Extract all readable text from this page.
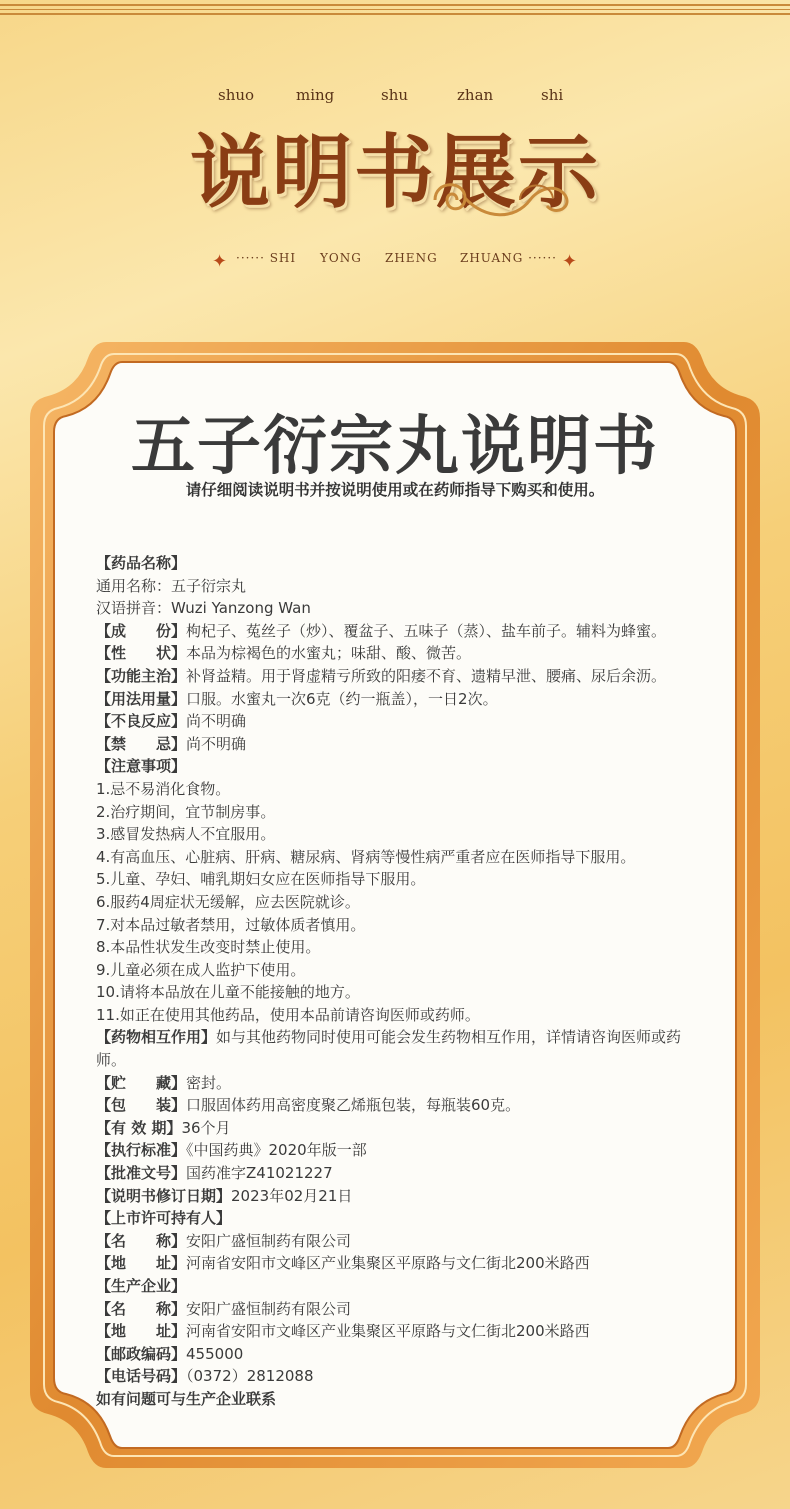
shuo	ming	shu	zhan	shi
说明书展示
✦ ······ SHI YONG ZHENG ZHUANG ······ ✦
五子衍宗丸说明书
请仔细阅读说明书并按说明使用或在药师指导下购买和使用。
【药品名称】
通用名称：五子衍宗丸
汉语拼音：Wuzi Yanzong Wan
【成　　份】枸杞子、菟丝子（炒）、覆盆子、五味子（蒸）、盐车前子。辅料为蜂蜜。
【性　　状】本品为棕褐色的水蜜丸；味甜、酸、微苦。
【功能主治】补肾益精。用于肾虚精亏所致的阳痿不育、遗精早泄、腰痛、尿后余沥。
【用法用量】口服。水蜜丸一次6克（约一瓶盖），一日2次。
【不良反应】尚不明确
【禁　　忌】尚不明确
【注意事项】
1.忌不易消化食物。
2.治疗期间，宜节制房事。
3.感冒发热病人不宜服用。
4.有高血压、心脏病、肝病、糖尿病、肾病等慢性病严重者应在医师指导下服用。
5.儿童、孕妇、哺乳期妇女应在医师指导下服用。
6.服药4周症状无缓解，应去医院就诊。
7.对本品过敏者禁用，过敏体质者慎用。
8.本品性状发生改变时禁止使用。
9.儿童必须在成人监护下使用。
10.请将本品放在儿童不能接触的地方。
11.如正在使用其他药品，使用本品前请咨询医师或药师。
【药物相互作用】如与其他药物同时使用可能会发生药物相互作用，详情请咨询医师或药师。
【贮　　藏】密封。
【包　　装】口服固体药用高密度聚乙烯瓶包装，每瓶装60克。
【有 效 期】36个月
【执行标准】《中国药典》2020年版一部
【批准文号】国药准字Z41021227
【说明书修订日期】2023年02月21日
【上市许可持有人】
【名　　称】安阳广盛恒制药有限公司
【地　　址】河南省安阳市文峰区产业集聚区平原路与文仁街北200米路西
【生产企业】
【名　　称】安阳广盛恒制药有限公司
【地　　址】河南省安阳市文峰区产业集聚区平原路与文仁街北200米路西
【邮政编码】455000
【电话号码】（0372）2812088
如有问题可与生产企业联系
